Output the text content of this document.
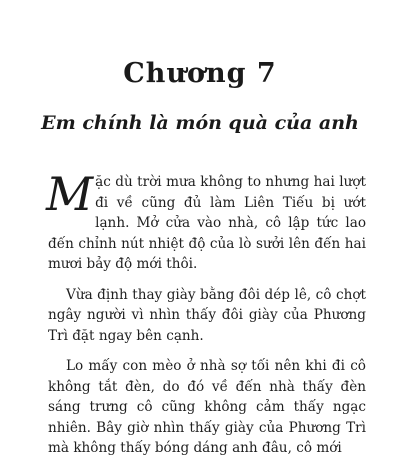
Chương 7
Em chính là món quà của anh

Mặc dù trời mưa không to nhưng hai lượt đi về cũng đủ làm Liên Tiếu bị ướt lạnh. Mở cửa vào nhà, cô lập tức lao đến chỉnh nút nhiệt độ của lò sưởi lên đến hai mươi bảy độ mới thôi.

Vừa định thay giày bằng đôi dép lê, cô chợt ngây người vì nhìn thấy đôi giày của Phương Trì đặt ngay bên cạnh.

Lo mấy con mèo ở nhà sợ tối nên khi đi cô không tắt đèn, do đó về đến nhà thấy đèn sáng trưng cô cũng không cảm thấy ngạc nhiên. Bây giờ nhìn thấy giày của Phương Trì mà không thấy bóng dáng anh đâu, cô mới
